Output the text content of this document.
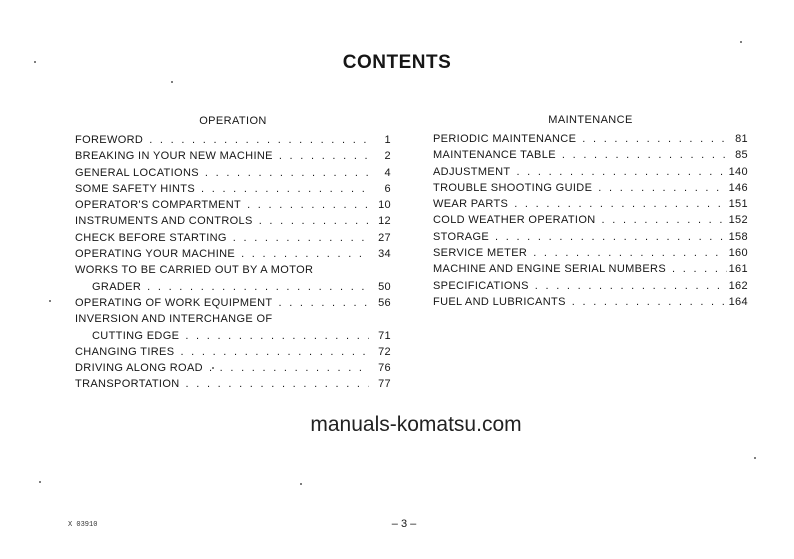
CONTENTS
OPERATION
FOREWORD . . .	1
BREAKING IN YOUR NEW MACHINE . . .	2
GENERAL LOCATIONS . . .	4
SOME SAFETY HINTS . . .	6
OPERATOR'S COMPARTMENT . . .	10
INSTRUMENTS AND CONTROLS . . .	12
CHECK BEFORE STARTING . . .	27
OPERATING YOUR MACHINE . . .	34
WORKS TO BE CARRIED OUT BY A MOTOR
GRADER . . .	50
OPERATING OF WORK EQUIPMENT . . .	56
INVERSION AND INTERCHANGE OF
CUTTING EDGE . . .	71
CHANGING TIRES . . .	72
DRIVING ALONG ROAD . . .	76
TRANSPORTATION . . .	77
MAINTENANCE
PERIODIC MAINTENANCE . . .	81
MAINTENANCE TABLE . . .	85
ADJUSTMENT . . .	140
TROUBLE SHOOTING GUIDE . . .	146
WEAR PARTS . . .	151
COLD WEATHER OPERATION . . .	152
STORAGE . . .	158
SERVICE METER . . .	160
MACHINE AND ENGINE SERIAL NUMBERS . . .	161
SPECIFICATIONS . . .	162
FUEL AND LUBRICANTS . . .	164
manuals-komatsu.com
X 03910	– 3 –
